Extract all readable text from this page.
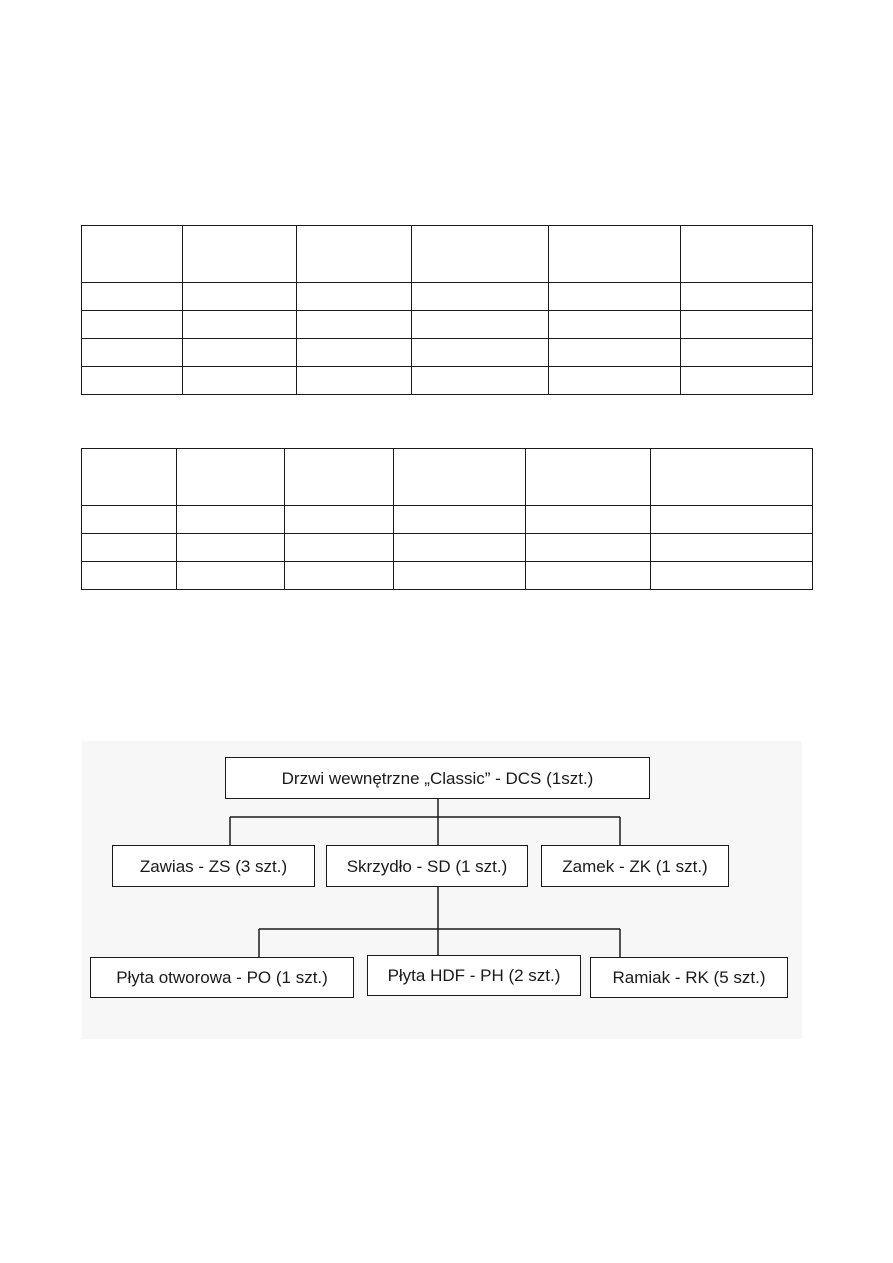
Drzwi wewnętrzne „Classic” - DCS (1szt.)
Zawias - ZS (3 szt.)	Skrzydło - SD (1 szt.)	Zamek - ZK (1 szt.)
Płyta otworowa - PO (1 szt.)	Płyta HDF - PH (2 szt.)	Ramiak - RK (5 szt.)
